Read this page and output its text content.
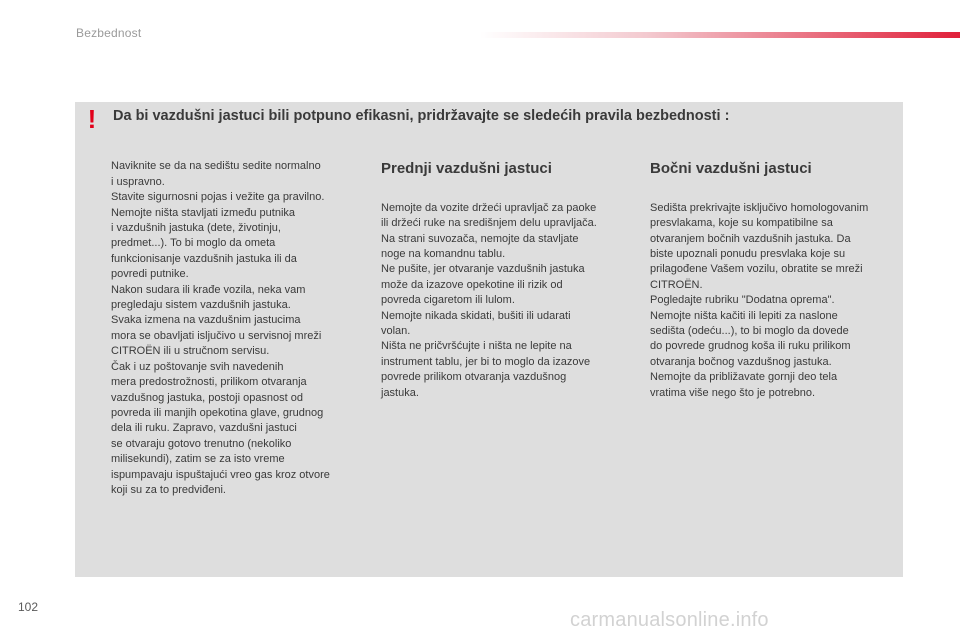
Bezbednost
!	Da bi vazdušni jastuci bili potpuno efikasni, pridržavajte se sledećih pravila bezbednosti :

Naviknite se da na sedištu sedite normalno
i uspravno.
Stavite sigurnosni pojas i vežite ga pravilno.
Nemojte ništa stavljati između putnika
i vazdušnih jastuka (dete, životinju,
predmet...). To bi moglo da ometa
funkcionisanje vazdušnih jastuka ili da
povredi putnike.
Nakon sudara ili krađe vozila, neka vam
pregledaju sistem vazdušnih jastuka.
Svaka izmena na vazdušnim jastucima
mora se obavljati isljučivo u servisnoj mreži
CITROËN ili u stručnom servisu.
Čak i uz poštovanje svih navedenih
mera predostrožnosti, prilikom otvaranja
vazdušnog jastuka, postoji opasnost od
povreda ili manjih opekotina glave, grudnog
dela ili ruku. Zapravo, vazdušni jastuci
se otvaraju gotovo trenutno (nekoliko
milisekundi), zatim se za isto vreme
ispumpavaju ispuštajući vreo gas kroz otvore
koji su za to predviđeni.

Prednji vazdušni jastuci

Nemojte da vozite držeći upravljač za paoke
ili držeći ruke na središnjem delu upravljača.
Na strani suvozača, nemojte da stavljate
noge na komandnu tablu.
Ne pušite, jer otvaranje vazdušnih jastuka
može da izazove opekotine ili rizik od
povreda cigaretom ili lulom.
Nemojte nikada skidati, bušiti ili udarati
volan.
Ništa ne pričvršćujte i ništa ne lepite na
instrument tablu, jer bi to moglo da izazove
povrede prilikom otvaranja vazdušnog
jastuka.

Bočni vazdušni jastuci

Sedišta prekrivajte isključivo homologovanim
presvlakama, koje su kompatibilne sa
otvaranjem bočnih vazdušnih jastuka. Da
biste upoznali ponudu presvlaka koje su
prilagođene Vašem vozilu, obratite se mreži
CITROËN.
Pogledajte rubriku "Dodatna oprema".
Nemojte ništa kačiti ili lepiti za naslone
sedišta (odeću...), to bi moglo da dovede
do povrede grudnog koša ili ruku prilikom
otvaranja bočnog vazdušnog jastuka.
Nemojte da približavate gornji deo tela
vratima više nego što je potrebno.

102
carmanualsonline.info
